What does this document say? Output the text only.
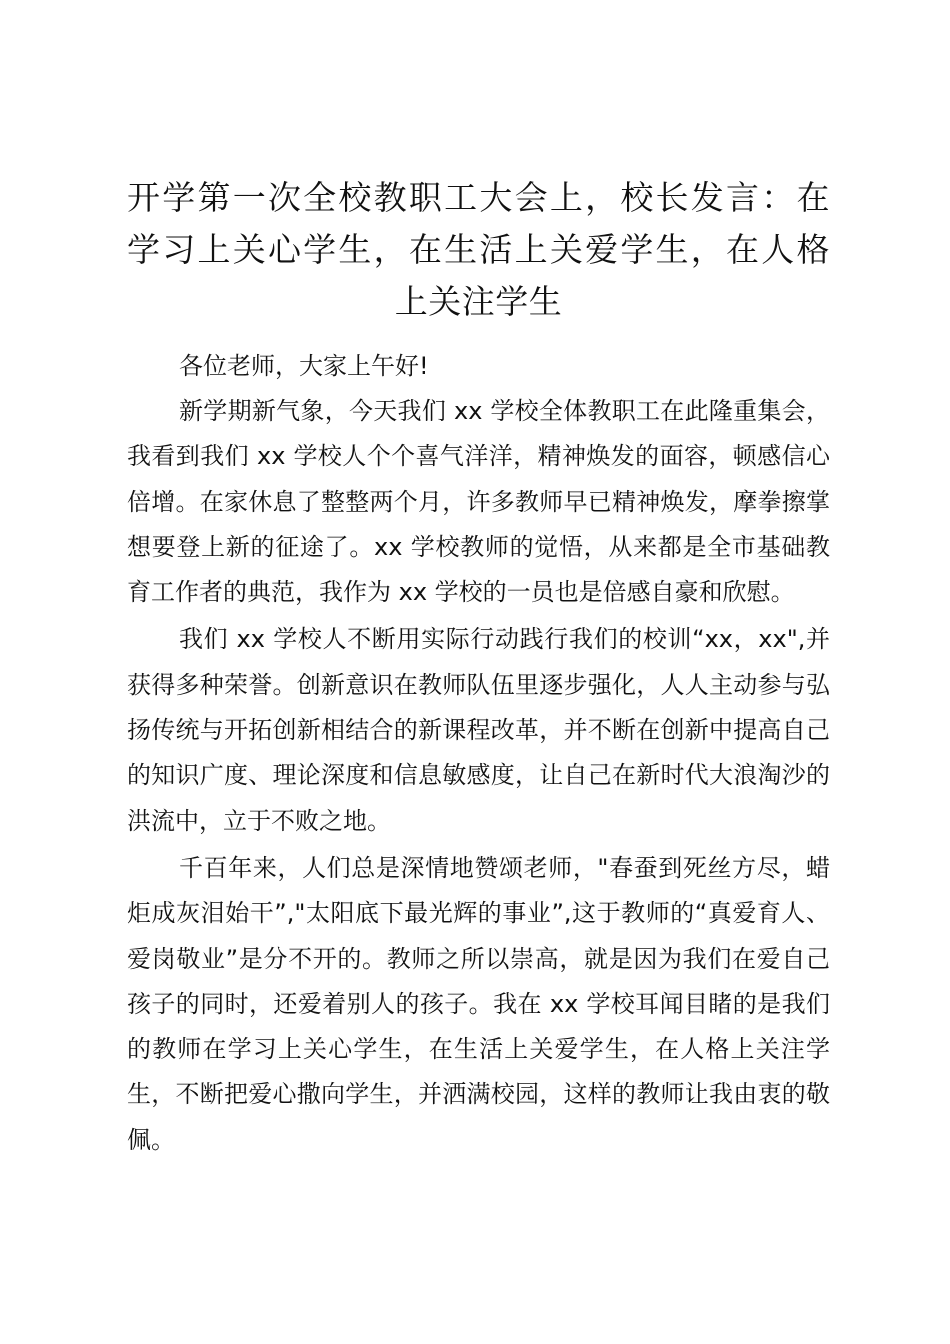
开学第一次全校教职工大会上，校长发言：在学习上关心学生，在生活上关爱学生，在人格上关注学生

各位老师，大家上午好!

新学期新气象，今天我们 xx 学校全体教职工在此隆重集会，我看到我们 xx 学校人个个喜气洋洋，精神焕发的面容，顿感信心倍增。在家休息了整整两个月，许多教师早已精神焕发，摩拳擦掌想要登上新的征途了。xx 学校教师的觉悟，从来都是全市基础教育工作者的典范，我作为 xx 学校的一员也是倍感自豪和欣慰。

我们 xx 学校人不断用实际行动践行我们的校训“xx，xx",并获得多种荣誉。创新意识在教师队伍里逐步强化，人人主动参与弘扬传统与开拓创新相结合的新课程改革，并不断在创新中提高自己的知识广度、理论深度和信息敏感度，让自己在新时代大浪淘沙的洪流中，立于不败之地。

千百年来，人们总是深情地赞颂老师，"春蚕到死丝方尽，蜡炬成灰泪始干”,"太阳底下最光辉的事业”,这于教师的“真爱育人、爱岗敬业”是分不开的。教师之所以崇高，就是因为我们在爱自己孩子的同时，还爱着别人的孩子。我在 xx 学校耳闻目睹的是我们的教师在学习上关心学生，在生活上关爱学生，在人格上关注学生，不断把爱心撒向学生，并洒满校园，这样的教师让我由衷的敬佩。
